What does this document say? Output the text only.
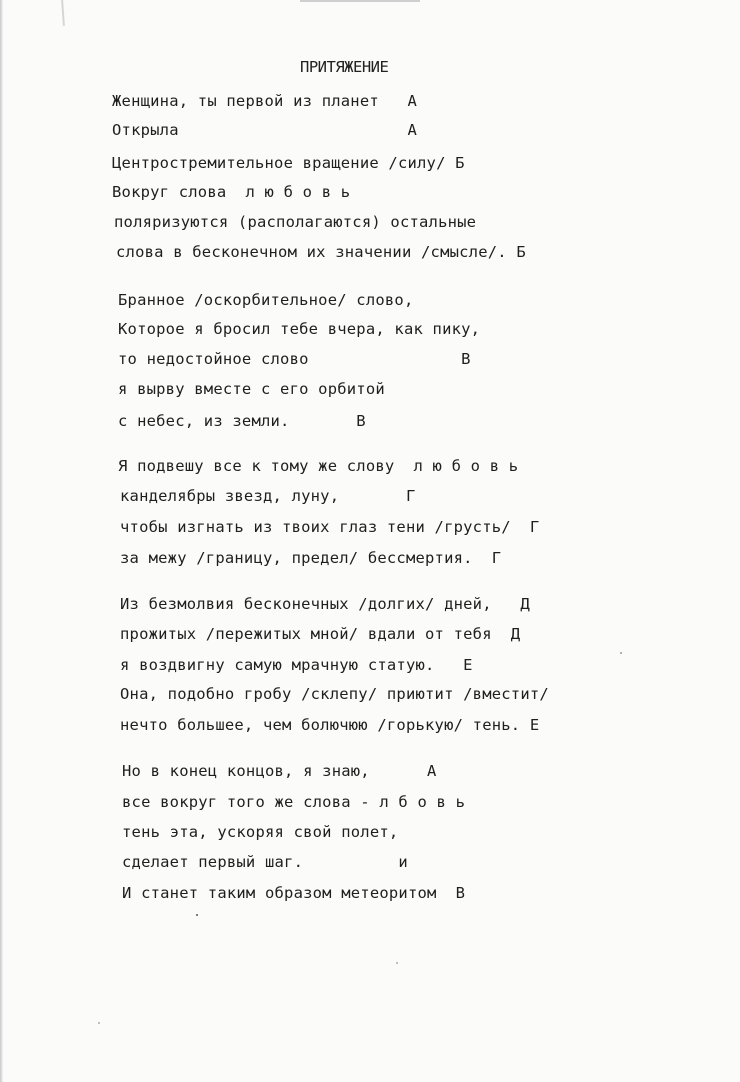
ПРИТЯЖЕНИЕ
Женщина, ты первой из планет   А
Открыла                        А
Центростремительное вращение /силу/ Б
Вокруг слова  л ю б о в ь
поляризуются (располагаются) остальные
слова в бесконечном их значении /смысле/. Б
Бранное /оскорбительное/ слово,
Которое я бросил тебе вчера, как пику,
то недостойное слово                В
я вырву вместе с его орбитой
с небес, из земли.       В
Я подвешу все к тому же слову  л ю б о в ь
канделябры звезд, луну,       Г
чтобы изгнать из твоих глаз тени /грусть/  Г
за межу /границу, предел/ бессмертия.  Г
Из безмолвия бесконечных /долгих/ дней,   Д
прожитых /пережитых мной/ вдали от тебя  Д
я воздвигну самую мрачную статую.   Е
Она, подобно гробу /склепу/ приютит /вместит/
нечто большее, чем болючюю /горькую/ тень. Е
Но в конец концов, я знаю,      А
все вокруг того же слова - л б о в ь
тень эта, ускоряя свой полет,
сделает первый шаг.          и
И станет таким образом метеоритом  В
